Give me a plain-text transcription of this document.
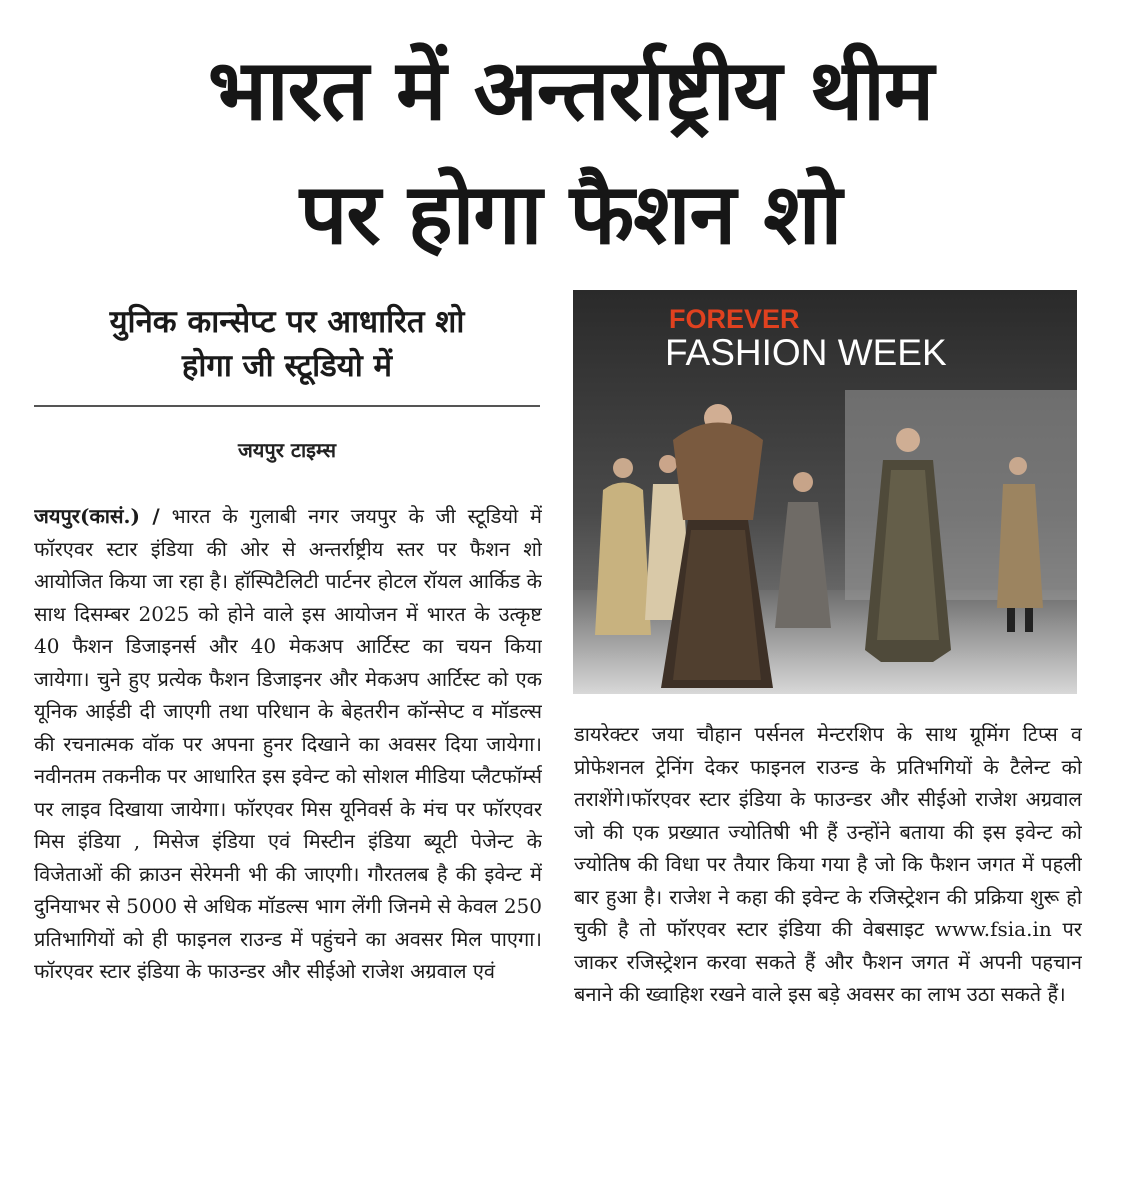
भारत में अन्तर्राष्ट्रीय थीम
पर होगा फैशन शो
युनिक कान्सेप्ट पर आधारित शो
होगा जी स्टूडियो में
जयपुर टाइम्स
जयपुर(कासं.) / भारत के गुलाबी नगर जयपुर के जी स्टूडियो में फॉरएवर स्टार इंडिया की ओर से अन्तर्राष्ट्रीय स्तर पर फैशन शो आयोजित किया जा रहा है। हॉस्पिटैलिटी पार्टनर होटल रॉयल आर्किड के साथ दिसम्बर 2025 को होने वाले इस आयोजन में भारत के उत्कृष्ट 40 फैशन डिजाइनर्स और 40 मेकअप आर्टिस्ट का चयन किया जायेगा। चुने हुए प्रत्येक फैशन डिजाइनर और मेकअप आर्टिस्ट को एक यूनिक आईडी दी जाएगी तथा परिधान के बेहतरीन कॉन्सेप्ट व मॉडल्स की रचनात्मक वॉक पर अपना हुनर दिखाने का अवसर दिया जायेगा। नवीनतम तकनीक पर आधारित इस इवेन्ट को सोशल मीडिया प्लैटफॉर्म्स पर लाइव दिखाया जायेगा। फॉरएवर मिस यूनिवर्स के मंच पर फॉरएवर मिस इंडिया , मिसेज इंडिया एवं मिस्टीन इंडिया ब्यूटी पेजेन्ट के विजेताओं की क्राउन सेरेमनी भी की जाएगी। गौरतलब है की इवेन्ट में दुनियाभर से 5000 से अधिक मॉडल्स भाग लेंगी जिनमे से केवल 250 प्रतिभागियों को ही फाइनल राउन्ड में पहुंचने का अवसर मिल पाएगा। फॉरएवर स्टार इंडिया के फाउन्डर और सीईओ राजेश अग्रवाल एवं
FOREVER
FASHION WEEK
डायरेक्टर जया चौहान पर्सनल मेन्टरशिप के साथ ग्रूमिंग टिप्स व प्रोफेशनल ट्रेनिंग देकर फाइनल राउन्ड के प्रतिभगियों के टैलेन्ट को तराशेंगे।फॉरएवर स्टार इंडिया के फाउन्डर और सीईओ राजेश अग्रवाल जो की एक प्रख्यात ज्योतिषी भी हैं उन्होंने बताया की इस इवेन्ट को ज्योतिष की विधा पर तैयार किया गया है जो कि फैशन जगत में पहली बार हुआ है। राजेश ने कहा की इवेन्ट के रजिस्ट्रेशन की प्रक्रिया शुरू हो चुकी है तो फॉरएवर स्टार इंडिया की वेबसाइट www.fsia.in पर जाकर रजिस्ट्रेशन करवा सकते हैं और फैशन जगत में अपनी पहचान बनाने की ख्वाहिश रखने वाले इस बड़े अवसर का लाभ उठा सकते हैं।
